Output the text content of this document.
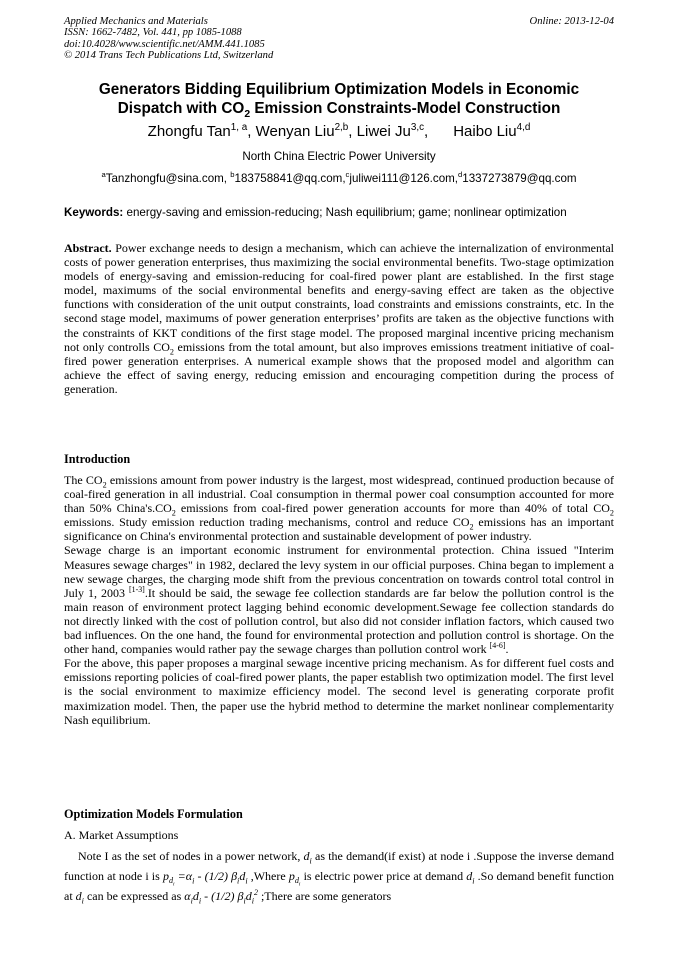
Applied Mechanics and Materials
ISSN: 1662-7482, Vol. 441, pp 1085-1088
doi:10.4028/www.scientific.net/AMM.441.1085
© 2014 Trans Tech Publications Ltd, Switzerland
Online: 2013-12-04
Generators Bidding Equilibrium Optimization Models in Economic
Dispatch with $CO_2$ Emission Constraints-Model Construction
Zhongfu Tan$^{1, a}$, Wenyan Liu$^{2,b}$, Liwei Ju$^{3,c}$,      Haibo Liu$^{4,d}$
North China Electric Power University
$^a$Tanzhongfu@sina.com, $^b$183758841@qq.com,$^c$juliwei111@126.com,$^d$1337273879@qq.com
Keywords: energy-saving and emission-reducing; Nash equilibrium; game; nonlinear optimization

Abstract. Power exchange needs to design a mechanism, which can achieve the internalization of environmental costs of power generation enterprises, thus maximizing the social environmental benefits. Two-stage optimization models of energy-saving and emission-reducing for coal-fired power plant are established. In the first stage model, maximums of the social environmental benefits and energy-saving effect are taken as the objective functions with consideration of the unit output constraints, load constraints and emissions constraints, etc. In the second stage model, maximums of power generation enterprises’ profits are taken as the objective functions with the constraints of KKT conditions of the first stage model. The proposed marginal incentive pricing mechanism not only controlls $CO_2$ emissions from the total amount, but also improves emissions treatment initiative of coal-fired power generation enterprises. A numerical example shows that the proposed model and algorithm can achieve the effect of saving energy, reducing emission and encouraging competition during the process of generation.

Introduction

The $CO_2$ emissions amount from power industry is the largest, most widespread, continued production because of coal-fired generation in all industrial. Coal consumption in thermal power coal consumption accounted for more than 50% $China's.CO_2$ emissions from coal-fired power generation accounts for more than 40% of total $CO_2$ emissions. Study emission reduction trading mechanisms, control and reduce $CO_2$ emissions has an important significance on China's environmental protection and sustainable development of power industry.

Sewage charge is an important economic instrument for environmental protection. China issued "Interim Measures sewage charges" in 1982, declared the levy system in our official purposes. China began to implement a new sewage charges, the charging mode shift from the previous concentration on towards control total control in July 1, 2003 [1-3].It should be said, the sewage fee collection standards are far below the pollution control is the main reason of environment protect lagging behind economic development.Sewage fee collection standards do not directly linked with the cost of pollution control, but also did not consider inflation factors, which caused two bad influences. On the one hand, the found for environmental protection and pollution control is shortage. On the other hand, companies would rather pay the sewage charges than pollution control work [4-6].

For the above, this paper proposes a marginal sewage incentive pricing mechanism. As for different fuel costs and emissions reporting policies of coal-fired power plants, the paper establish two optimization model. The first level is the social environment to maximize efficiency model. The second level is generating corporate profit maximization model. Then, the paper use the hybrid method to determine the market nonlinear complementarity Nash equilibrium.

Optimization Models Formulation
A. Market Assumptions

Note I as the set of nodes in a power network, $d_i$ as the demand(if exist) at node i .Suppose the inverse demand function at node i is $p_{d_i} =\alpha_i - (1/2)$ $\beta_id_i$ ,Where $p_{d_i}$ is electric power price at demand $d_i$ .So demand benefit function at $d_i$ can be expressed as $\alpha_id_i - (1/2)$ $\beta_id_i^2$ ;There are some generators
